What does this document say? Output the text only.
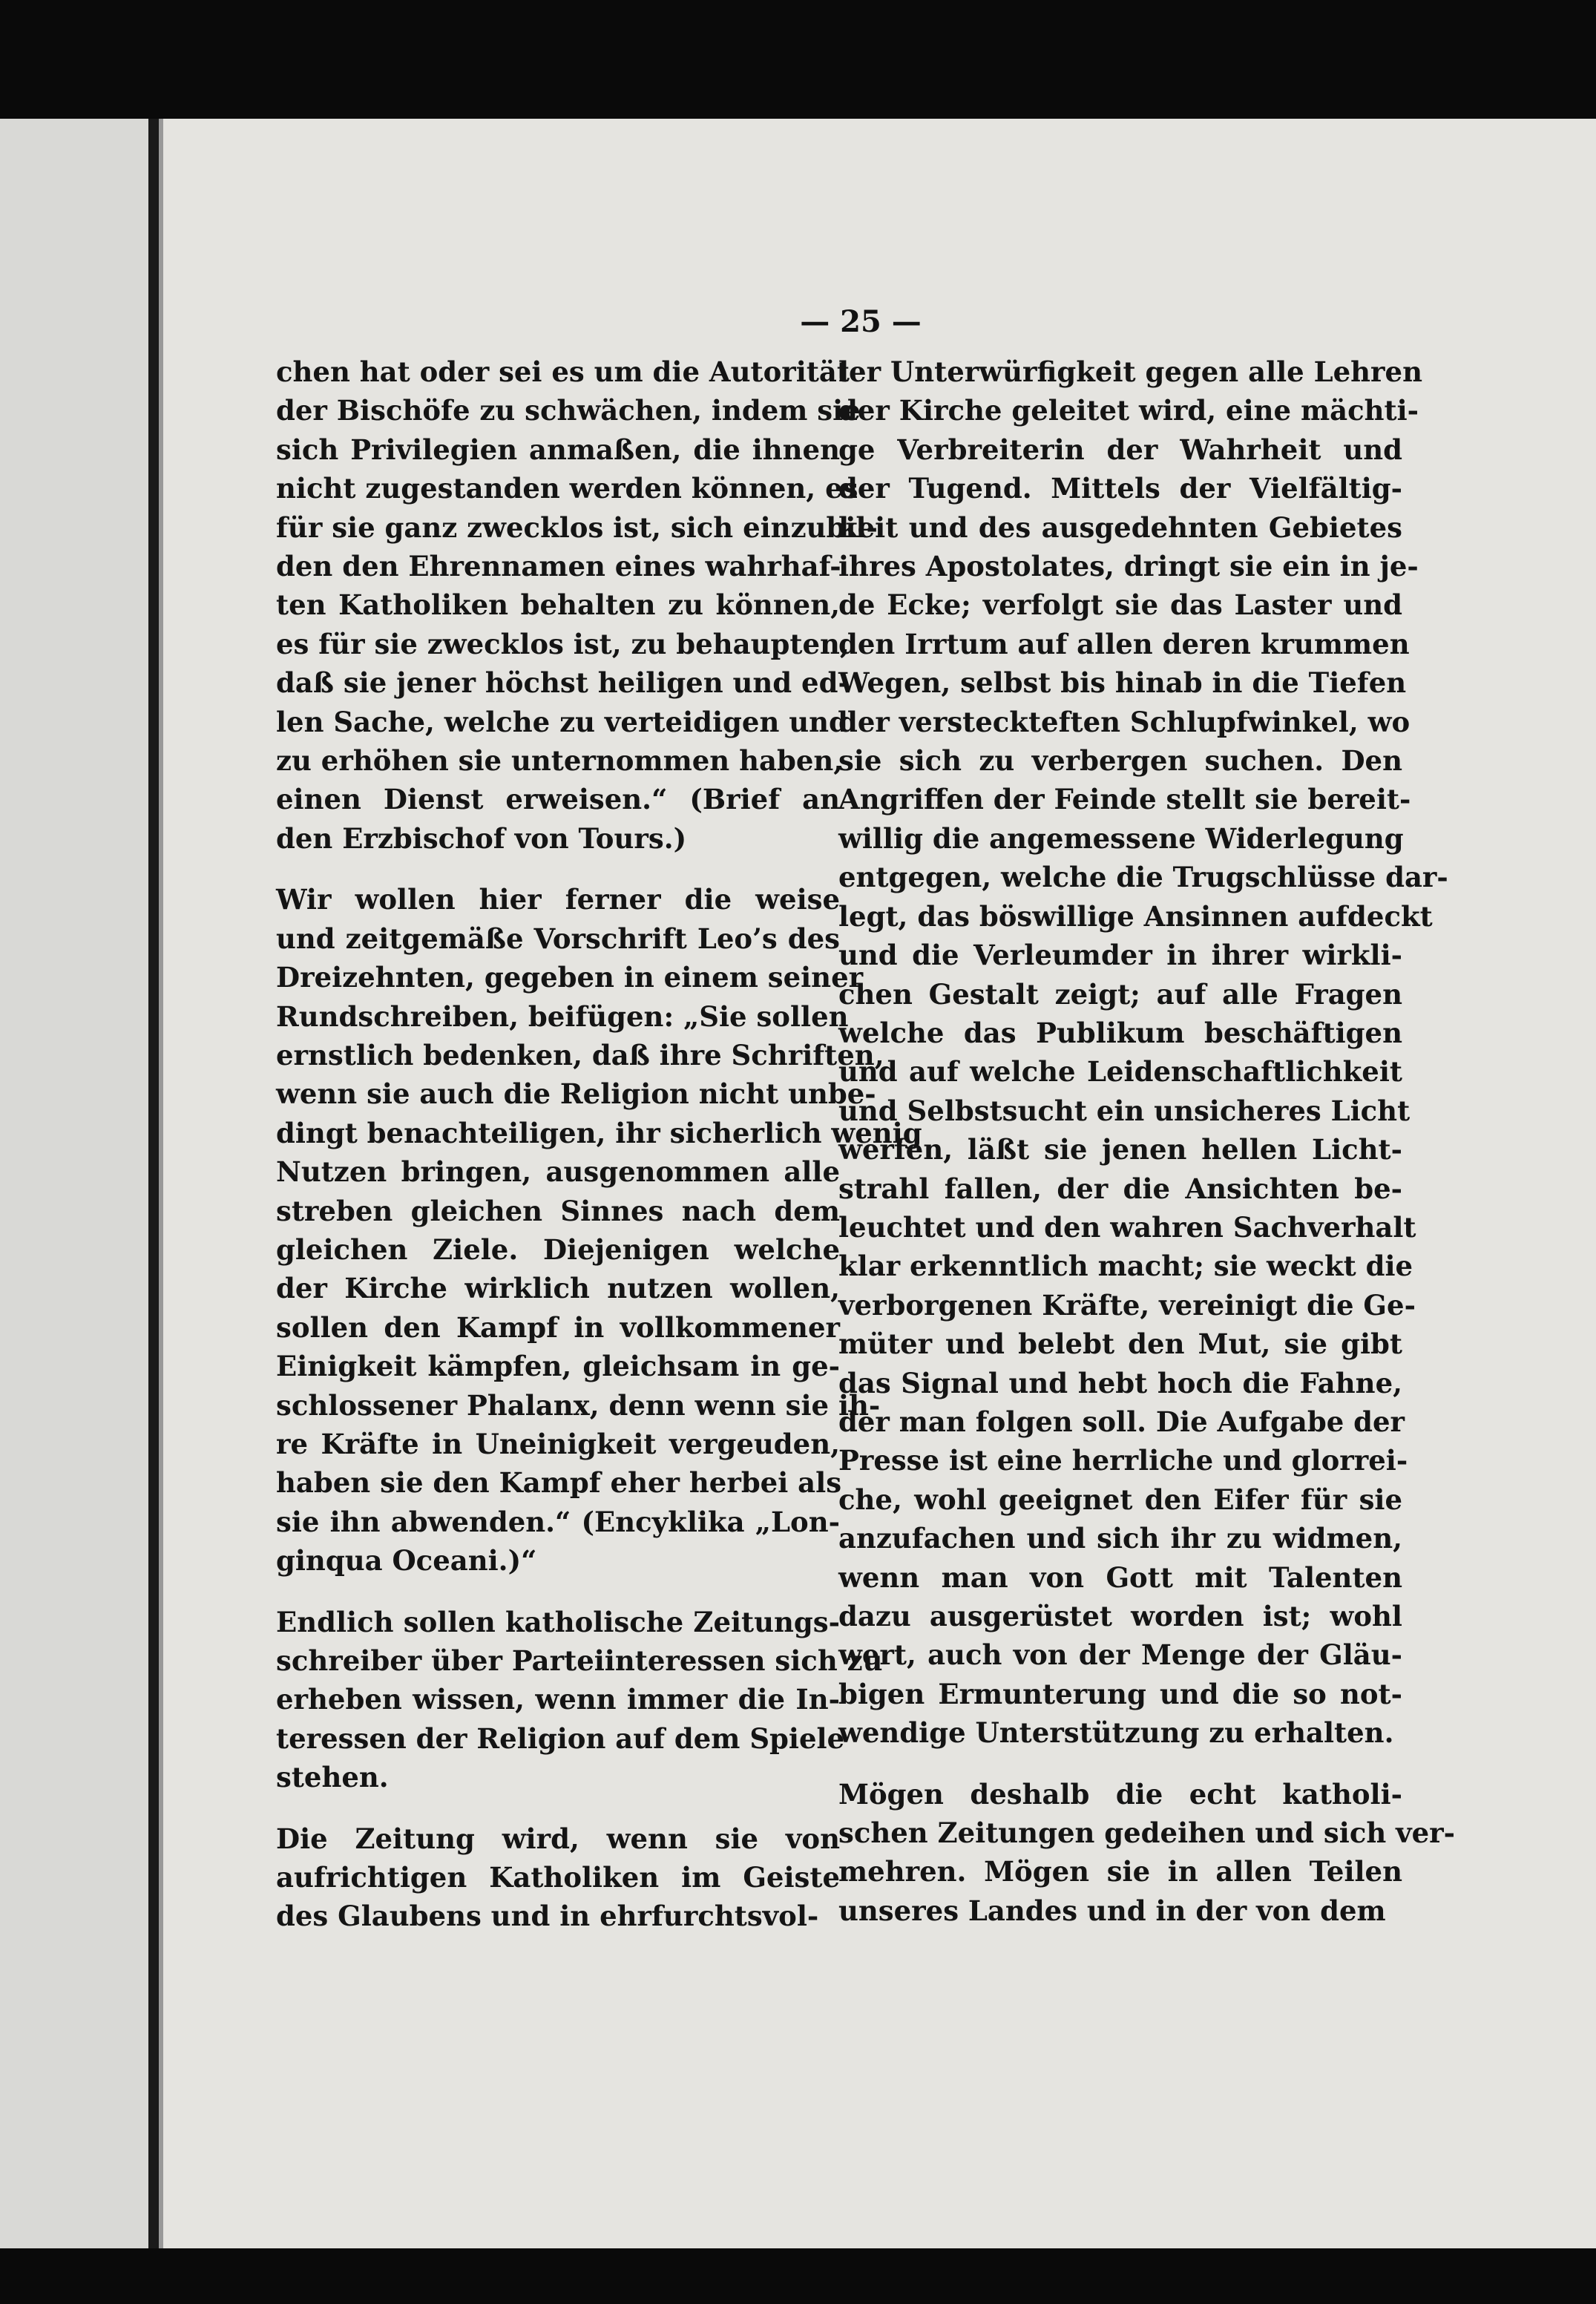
— 25 —
chen hat oder sei es um die Autorität
der Bischöfe zu schwächen, indem sie
sich Privilegien anmaßen, die ihnen
nicht zugestanden werden können, es
für sie ganz zwecklos ist, sich einzubil-
den den Ehrennamen eines wahrhaf-
ten Katholiken behalten zu können,
es für sie zwecklos ist, zu behaupten,
daß sie jener höchst heiligen und ed-
len Sache, welche zu verteidigen und
zu erhöhen sie unternommen haben,
einen Dienst erweisen.“ (Brief an
den Erzbischof von Tours.)
Wir wollen hier ferner die weise
und zeitgemäße Vorschrift Leo’s des
Dreizehnten, gegeben in einem seiner
Rundschreiben, beifügen: „Sie sollen
ernstlich bedenken, daß ihre Schriften,
wenn sie auch die Religion nicht unbe-
dingt benachteiligen, ihr sicherlich wenig
Nutzen bringen, ausgenommen alle
streben gleichen Sinnes nach dem
gleichen Ziele. Diejenigen welche
der Kirche wirklich nutzen wollen,
sollen den Kampf in vollkommener
Einigkeit kämpfen, gleichsam in ge-
schlossener Phalanx, denn wenn sie ih-
re Kräfte in Uneinigkeit vergeuden,
haben sie den Kampf eher herbei als
sie ihn abwenden.“ (Encyklika „Lon-
ginqua Oceani.)“
Endlich sollen katholische Zeitungs-
schreiber über Parteiinteressen sich zu
erheben wissen, wenn immer die In-
teressen der Religion auf dem Spiele
stehen.
Die Zeitung wird, wenn sie von
aufrichtigen Katholiken im Geiste
des Glaubens und in ehrfurchtsvol-
ler Unterwürfigkeit gegen alle Lehren
der Kirche geleitet wird, eine mächti-
ge Verbreiterin der Wahrheit und
der Tugend. Mittels der Vielfältig-
keit und des ausgedehnten Gebietes
ihres Apostolates, dringt sie ein in je-
de Ecke; verfolgt sie das Laster und
den Irrtum auf allen deren krummen
Wegen, selbst bis hinab in die Tiefen
der versteckteften Schlupfwinkel, wo
sie sich zu verbergen suchen. Den
Angriffen der Feinde stellt sie bereit-
willig die angemessene Widerlegung
entgegen, welche die Trugschlüsse dar-
legt, das böswillige Ansinnen aufdeckt
und die Verleumder in ihrer wirkli-
chen Gestalt zeigt; auf alle Fragen
welche das Publikum beschäftigen
und auf welche Leidenschaftlichkeit
und Selbstsucht ein unsicheres Licht
werfen, läßt sie jenen hellen Licht-
strahl fallen, der die Ansichten be-
leuchtet und den wahren Sachverhalt
klar erkenntlich macht; sie weckt die
verborgenen Kräfte, vereinigt die Ge-
müter und belebt den Mut, sie gibt
das Signal und hebt hoch die Fahne,
der man folgen soll. Die Aufgabe der
Presse ist eine herrliche und glorrei-
che, wohl geeignet den Eifer für sie
anzufachen und sich ihr zu widmen,
wenn man von Gott mit Talenten
dazu ausgerüstet worden ist; wohl
wert, auch von der Menge der Gläu-
bigen Ermunterung und die so not-
wendige Unterstützung zu erhalten.
Mögen deshalb die echt katholi-
schen Zeitungen gedeihen und sich ver-
mehren. Mögen sie in allen Teilen
unseres Landes und in der von dem
